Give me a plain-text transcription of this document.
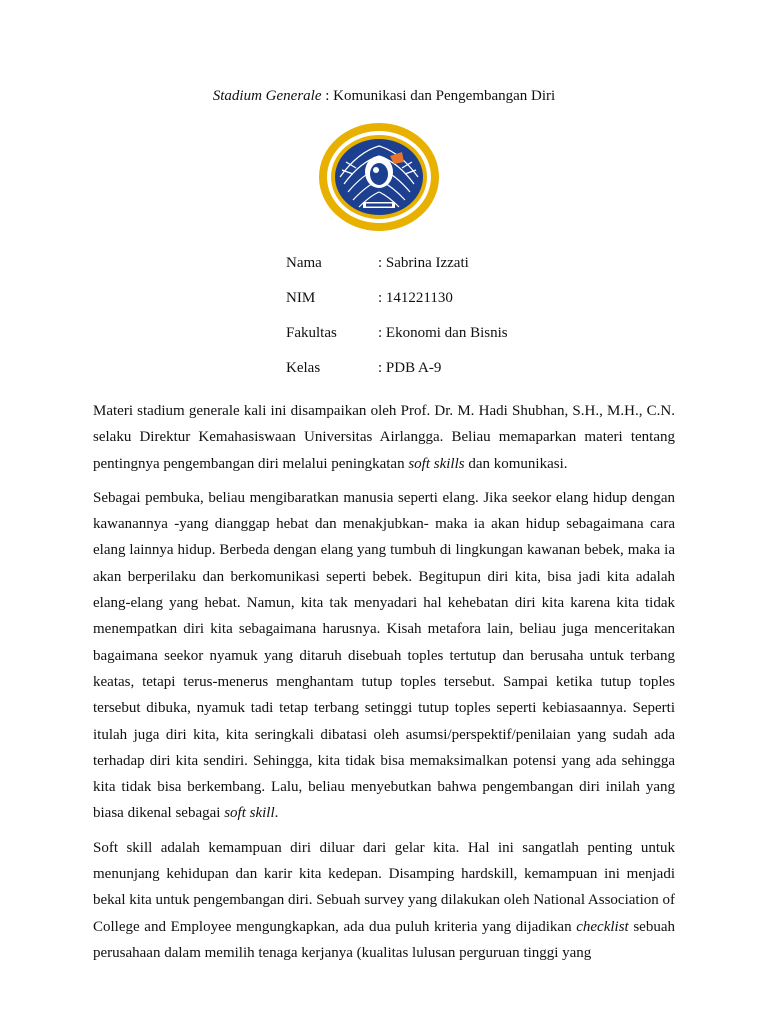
Stadium Generale : Komunikasi dan Pengembangan Diri
Nama	: Sabrina Izzati
NIM	: 141221130
Fakultas	: Ekonomi dan Bisnis
Kelas	: PDB A-9

Materi stadium generale kali ini disampaikan oleh Prof. Dr. M. Hadi Shubhan, S.H., M.H., C.N. selaku Direktur Kemahasiswaan Universitas Airlangga. Beliau memaparkan materi tentang pentingnya pengembangan diri melalui peningkatan soft skills dan komunikasi.

Sebagai pembuka, beliau mengibaratkan manusia seperti elang. Jika seekor elang hidup dengan kawanannya -yang dianggap hebat dan menakjubkan- maka ia akan hidup sebagaimana cara elang lainnya hidup. Berbeda dengan elang yang tumbuh di lingkungan kawanan bebek, maka ia akan berperilaku dan berkomunikasi seperti bebek. Begitupun diri kita, bisa jadi kita adalah elang-elang yang hebat. Namun, kita tak menyadari hal kehebatan diri kita karena kita tidak menempatkan diri kita sebagaimana harusnya. Kisah metafora lain, beliau juga menceritakan bagaimana seekor nyamuk yang ditaruh disebuah toples tertutup dan berusaha untuk terbang keatas, tetapi terus-menerus menghantam tutup toples tersebut. Sampai ketika tutup toples tersebut dibuka, nyamuk tadi tetap terbang setinggi tutup toples seperti kebiasaannya. Seperti itulah juga diri kita, kita seringkali dibatasi oleh asumsi/perspektif/penilaian yang sudah ada terhadap diri kita sendiri. Sehingga, kita tidak bisa memaksimalkan potensi yang ada sehingga kita tidak bisa berkembang. Lalu, beliau menyebutkan bahwa pengembangan diri inilah yang biasa dikenal sebagai soft skill.

Soft skill adalah kemampuan diri diluar dari gelar kita. Hal ini sangatlah penting untuk menunjang kehidupan dan karir kita kedepan. Disamping hardskill, kemampuan ini menjadi bekal kita untuk pengembangan diri. Sebuah survey yang dilakukan oleh National Association of College and Employee mengungkapkan, ada dua puluh kriteria yang dijadikan checklist sebuah perusahaan dalam memilih tenaga kerjanya (kualitas lulusan perguruan tinggi yang
